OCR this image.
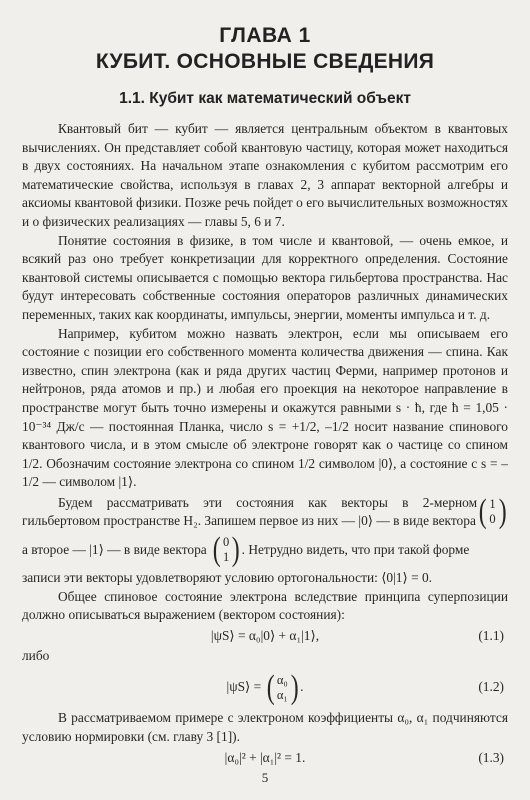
ГЛАВА 1
КУБИТ. ОСНОВНЫЕ СВЕДЕНИЯ
1.1. Кубит как математический объект

Квантовый бит — кубит — является центральным объектом в квантовых вычислениях. Он представляет собой квантовую частицу, которая может находиться в двух состояниях. На начальном этапе ознакомления с кубитом рассмотрим его математические свойства, используя в главах 2, 3 аппарат векторной алгебры и аксиомы квантовой физики. Позже речь пойдет о его вычислительных возможностях и о физических реализациях — главы 5, 6 и 7.

Понятие состояния в физике, в том числе и квантовой, — очень емкое, и всякий раз оно требует конкретизации для корректного определения. Состояние квантовой системы описывается с помощью вектора гильбертова пространства. Нас будут интересовать собственные состояния операторов различных динамических переменных, таких как координаты, импульсы, энергии, моменты импульса и т. д.

Например, кубитом можно назвать электрон, если мы описываем его состояние с позиции его собственного момента количества движения — спина. Как известно, спин электрона (как и ряда других частиц Ферми, например протонов и нейтронов, ряда атомов и пр.) и любая его проекция на некоторое направление в пространстве могут быть точно измерены и окажутся равными s · ħ, где ħ = 1,05 · 10⁻³⁴ Дж/с — постоянная Планка, число s = +1/2, –1/2 носит название спинового квантового числа, и в этом смысле об электроне говорят как о частице со спином 1/2. Обозначим состояние электрона со спином 1/2 символом |0⟩, а состояние с s = –1/2 — символом |1⟩.

Будем рассматривать эти состояния как векторы в 2-мерном гильбертовом пространстве H₂. Запишем первое из них — |0⟩ — в виде вектора ( 1
0 )
а второе — |1⟩ — в виде вектора ( 0
1 ) . Нетрудно видеть, что при такой форме

записи эти векторы удовлетворяют условию ортогональности: ⟨0|1⟩ = 0.

Общее спиновое состояние электрона вследствие принципа суперпозиции должно описываться выражением (вектором состояния):

|ψS⟩ = α₀|0⟩ + α₁|1⟩,	(1.1)

либо

|ψS⟩ = ( α₀
α₁ ) .	(1.2)

В рассматриваемом примере с электроном коэффициенты α₀, α₁ подчиняются условию нормировки (см. главу 3 [1]).

|α₀|² + |α₁|² = 1.	(1.3)
5
